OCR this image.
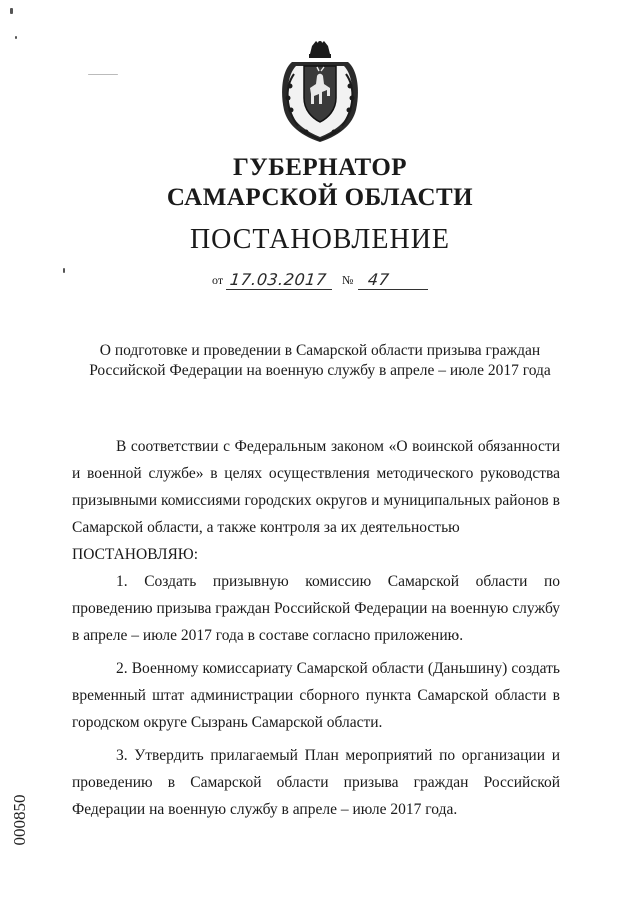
ГУБЕРНАТОР
САМАРСКОЙ ОБЛАСТИ
ПОСТАНОВЛЕНИЕ
от 17.03.2017 № 47
О подготовке и проведении в Самарской области призыва граждан
Российской Федерации на военную службу в апреле – июле 2017 года

В соответствии с Федеральным законом «О воинской обязанности и военной службе» в целях осуществления методического руководства призывными комиссиями городских округов и муниципальных районов в Самарской области, а также контроля за их деятельностью

ПОСТАНОВЛЯЮ:

1. Создать призывную комиссию Самарской области по проведению призыва граждан Российской Федерации на военную службу в апреле – июле 2017 года в составе согласно приложению.

2. Военному комиссариату Самарской области (Даньшину) создать временный штат администрации сборного пункта Самарской области в городском округе Сызрань Самарской области.

3. Утвердить прилагаемый План мероприятий по организации и проведению в Самарской области призыва граждан Российской Федерации на военную службу в апреле – июле 2017 года.

000850
